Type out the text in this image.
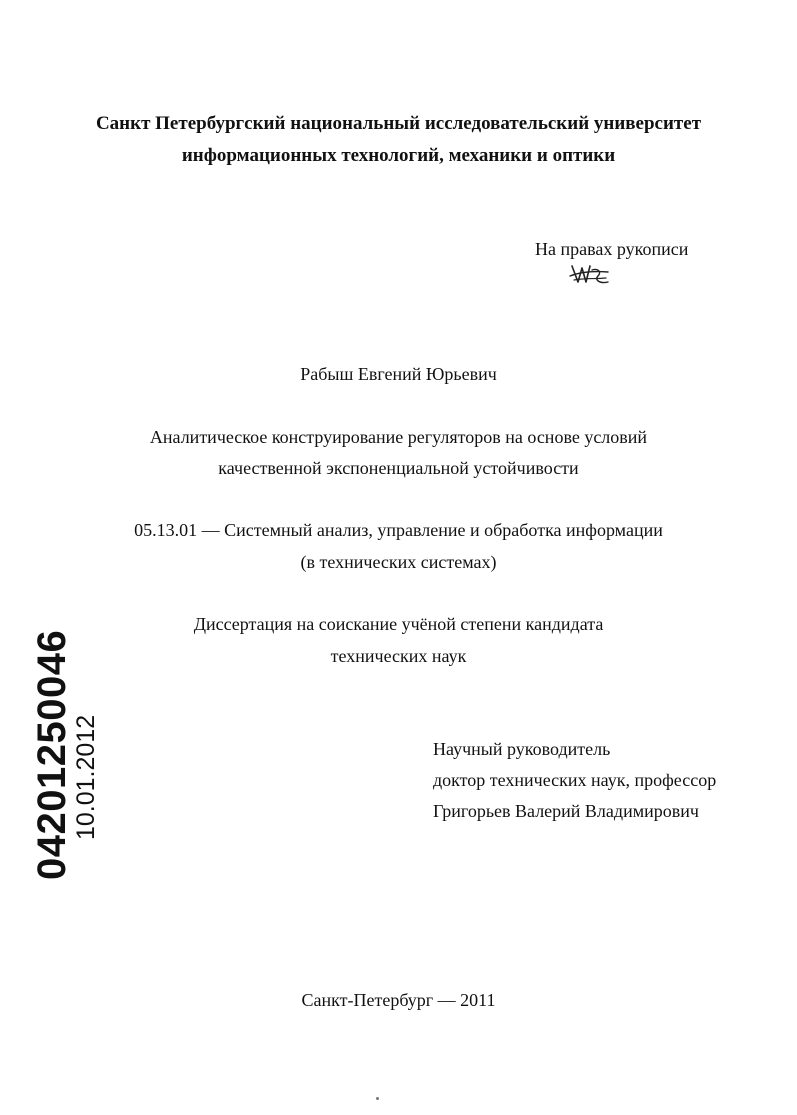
Санкт Петербургский национальный исследовательский университет
информационных технологий, механики и оптики
На правах рукописи
Рабыш Евгений Юрьевич
Аналитическое конструирование регуляторов на основе условий
качественной экспоненциальной устойчивости
05.13.01 — Системный анализ, управление и обработка информации
(в технических системах)
Диссертация на соискание учёной степени кандидата
технических наук
Научный руководитель
доктор технических наук, профессор
Григорьев Валерий Владимирович
Санкт-Петербург — 2011
04201250046
10.01.2012
